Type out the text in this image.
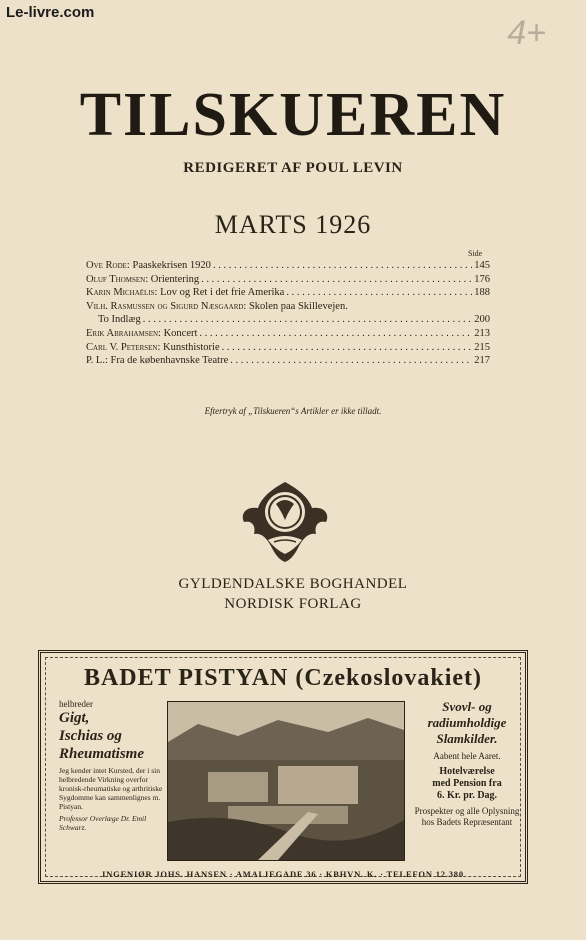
Le-livre.com
4+
TILSKUEREN
REDIGERET AF POUL LEVIN
MARTS 1926
Side
Ove Rode: Paaskekrisen 1920 . . .	145
Oluf Thomsen: Orientering . . .	176
Karin Michaëlis: Lov og Ret i det frie Amerika . . .	188
Vilh. Rasmussen og Sigurd Næsgaard: Skolen paa Skillevejen.
To Indlæg . . .	200
Erik Abrahamsen: Koncert . . .	213
Carl V. Petersen: Kunsthistorie . . .	215
P. L.: Fra de københavnske Teatre . . .	217
Eftertryk af „Tilskueren“s Artikler er ikke tilladt.
GYLDENDALSKE BOGHANDEL
NORDISK FORLAG
BADET PISTYAN (Czekoslovakiet)
helbreder
Gigt,
Ischias og
Rheumatisme
Jeg kender intet Kursted, der i sin helbredende Virkning overfor kronisk-rheumatiske og arthritiske Sygdomme kan sammenlignes m. Pistyan.
Professor Overlæge Dr. Emil Schwarz.
Svovl- og
radiumholdige
Slamkilder.
Aabent hele Aaret.
Hotelværelse
med Pension fra
6. Kr. pr. Dag.
Prospekter og alle Oplysning hos Badets Repræsentant
INGENIØR JOHS. HANSEN · AMALIEGADE 36 · KBHVN. K. · TELEFON 12.380
